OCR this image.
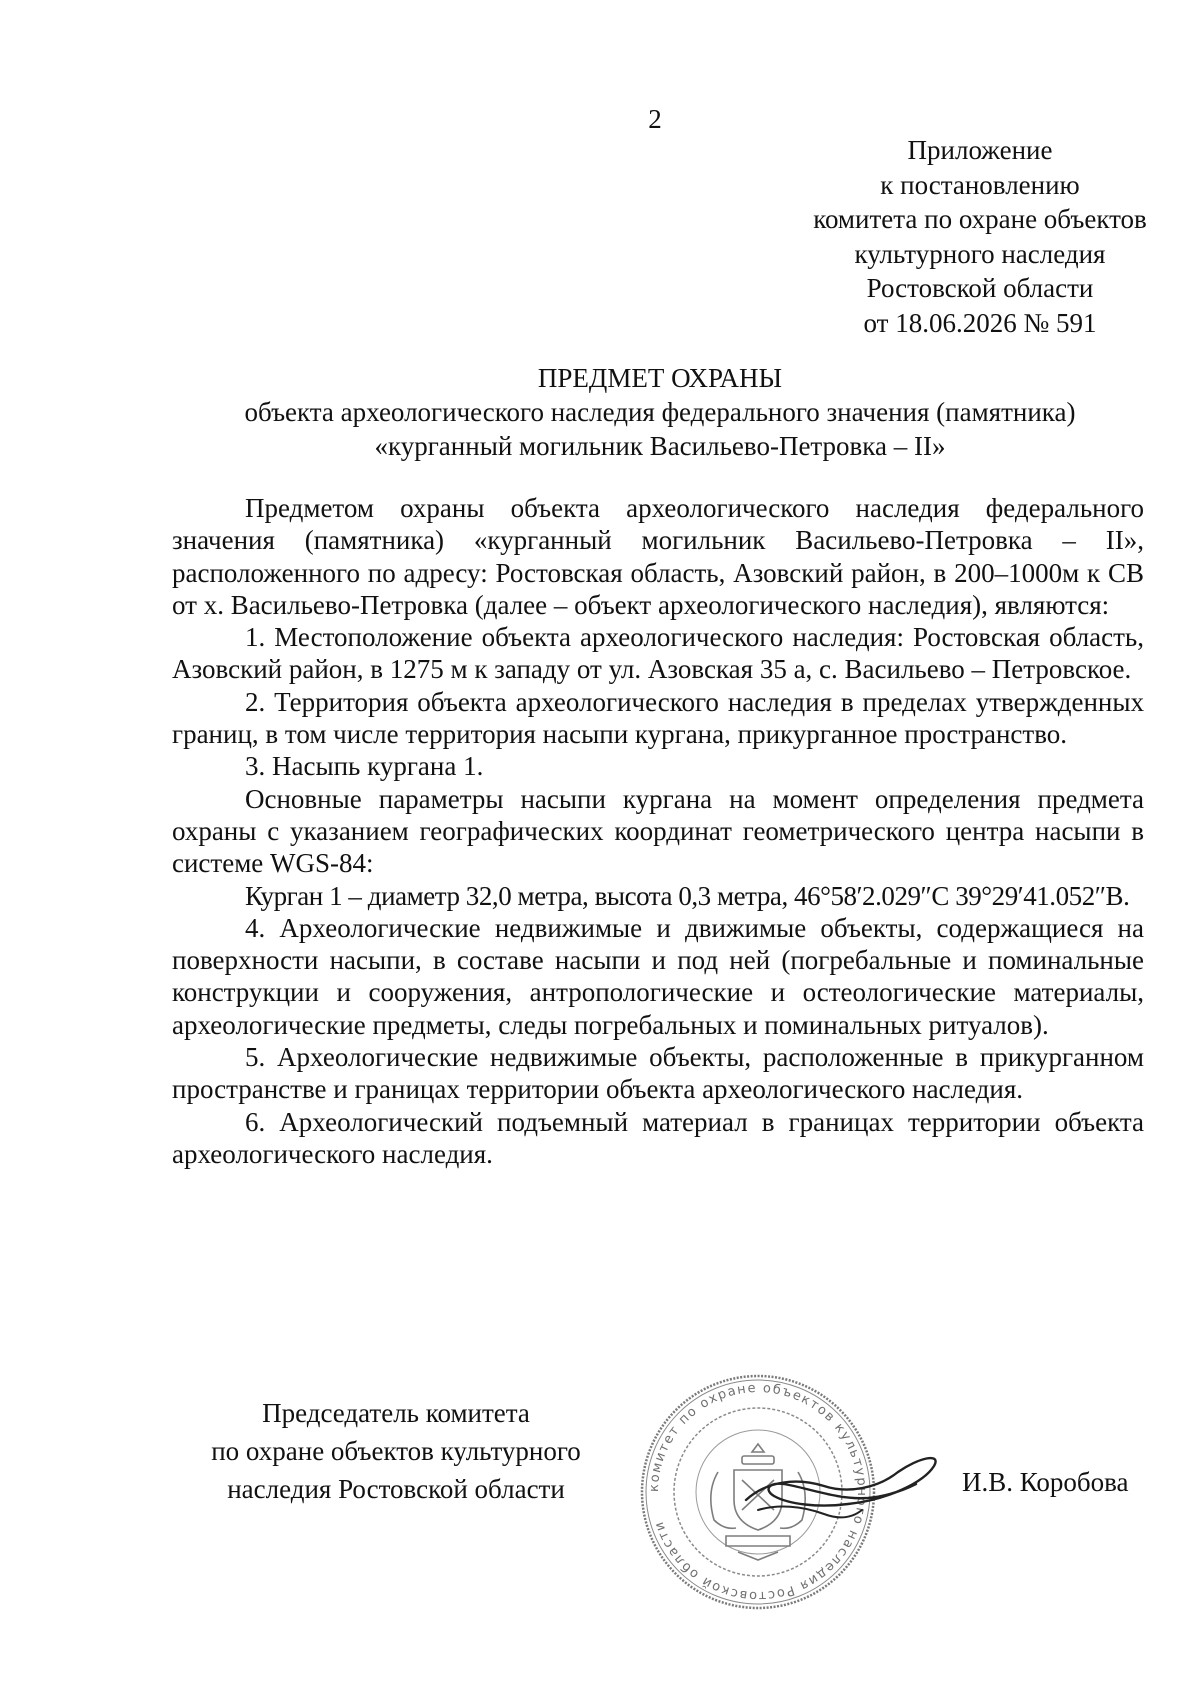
2
Приложение
к постановлению
комитета по охране объектов
культурного наследия
Ростовской области
от 18.06.2026 № 591
ПРЕДМЕТ ОХРАНЫ
объекта археологического наследия федерального значения (памятника)
«курганный могильник Васильево-Петровка – II»

Предметом охраны объекта археологического наследия федерального значения (памятника) «курганный могильник Васильево-Петровка – II», расположенного по адресу: Ростовская область, Азовский район, в 200–1000м к СВ от х. Васильево-Петровка (далее – объект археологического наследия), являются:

1. Местоположение объекта археологического наследия: Ростовская область, Азовский район, в 1275 м к западу от ул. Азовская 35 а, с. Васильево – Петровское.

2. Территория объекта археологического наследия в пределах утвержденных границ, в том числе территория насыпи кургана, прикурганное пространство.

3. Насыпь кургана 1.

Основные параметры насыпи кургана на момент определения предмета охраны с указанием географических координат геометрического центра насыпи в системе WGS-84:

Курган 1 – диаметр 32,0 метра, высота 0,3 метра, 46°58′2.029″С 39°29′41.052″В.

4. Археологические недвижимые и движимые объекты, содержащиеся на поверхности насыпи, в составе насыпи и под ней (погребальные и поминальные конструкции и сооружения, антропологические и остеологические материалы, археологические предметы, следы погребальных и поминальных ритуалов).

5. Археологические недвижимые объекты, расположенные в прикурганном пространстве и границах территории объекта археологического наследия.

6. Археологический подъемный материал в границах территории объекта археологического наследия.

Председатель комитета
по охране объектов культурного
наследия Ростовской области	комитет по охране объектов культурного наследия Ростовской области
И.В. Коробова
